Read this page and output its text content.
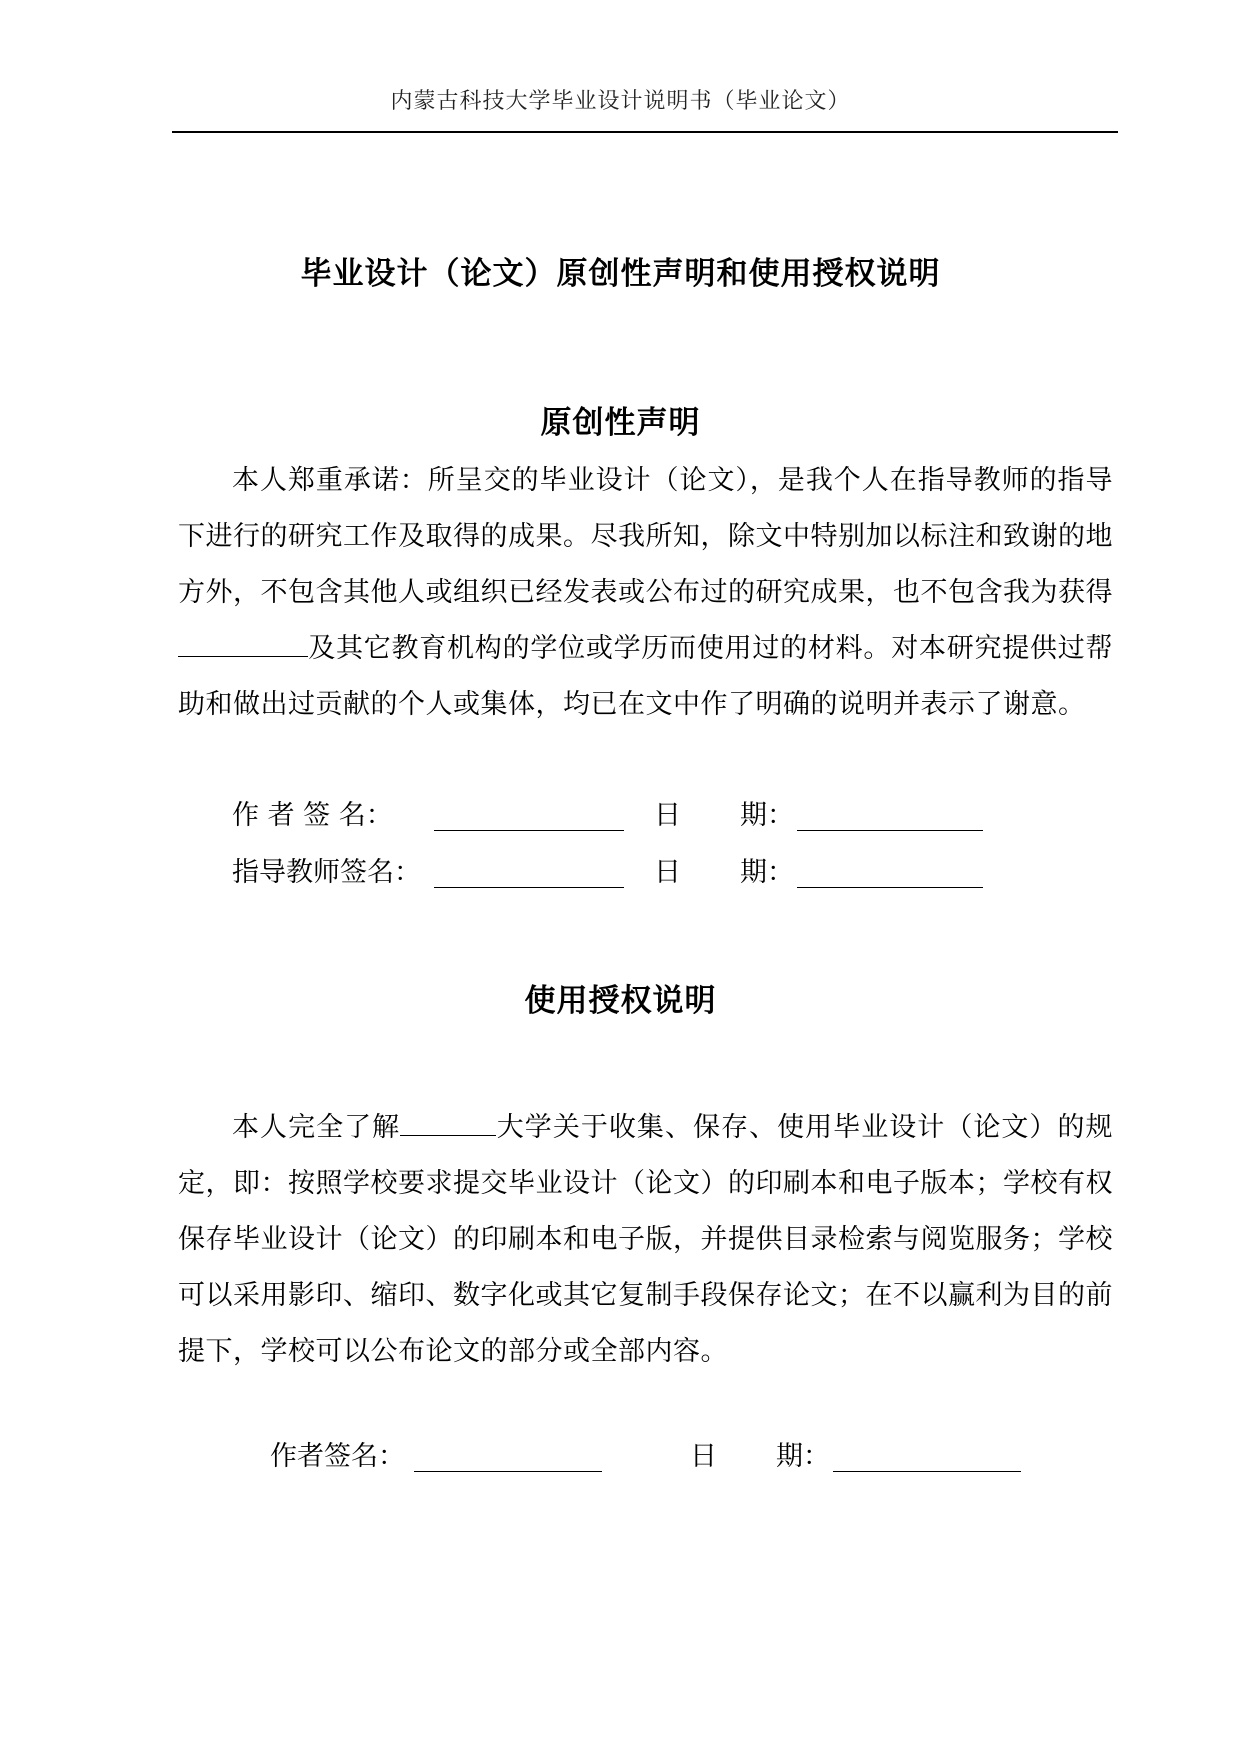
内蒙古科技大学毕业设计说明书（毕业论文）
毕业设计（论文）原创性声明和使用授权说明
原创性声明
本人郑重承诺：所呈交的毕业设计（论文），是我个人在指导教师的指导下进行的研究工作及取得的成果。尽我所知，除文中特别加以标注和致谢的地方外，不包含其他人或组织已经发表或公布过的研究成果，也不包含我为获得及其它教育机构的学位或学历而使用过的材料。对本研究提供过帮助和做出过贡献的个人或集体，均已在文中作了明确的说明并表示了谢意。
作 者 签 名：	日 期：
指导教师签名：	日 期：
使用授权说明
本人完全了解	大学关于收集、保存、使用毕业设计（论文）的规定，即：按照学校要求提交毕业设计（论文）的印刷本和电子版本；学校有权保存毕业设计（论文）的印刷本和电子版，并提供目录检索与阅览服务；学校可以采用影印、缩印、数字化或其它复制手段保存论文；在不以赢利为目的前提下，学校可以公布论文的部分或全部内容。
作者签名：	日 期：
